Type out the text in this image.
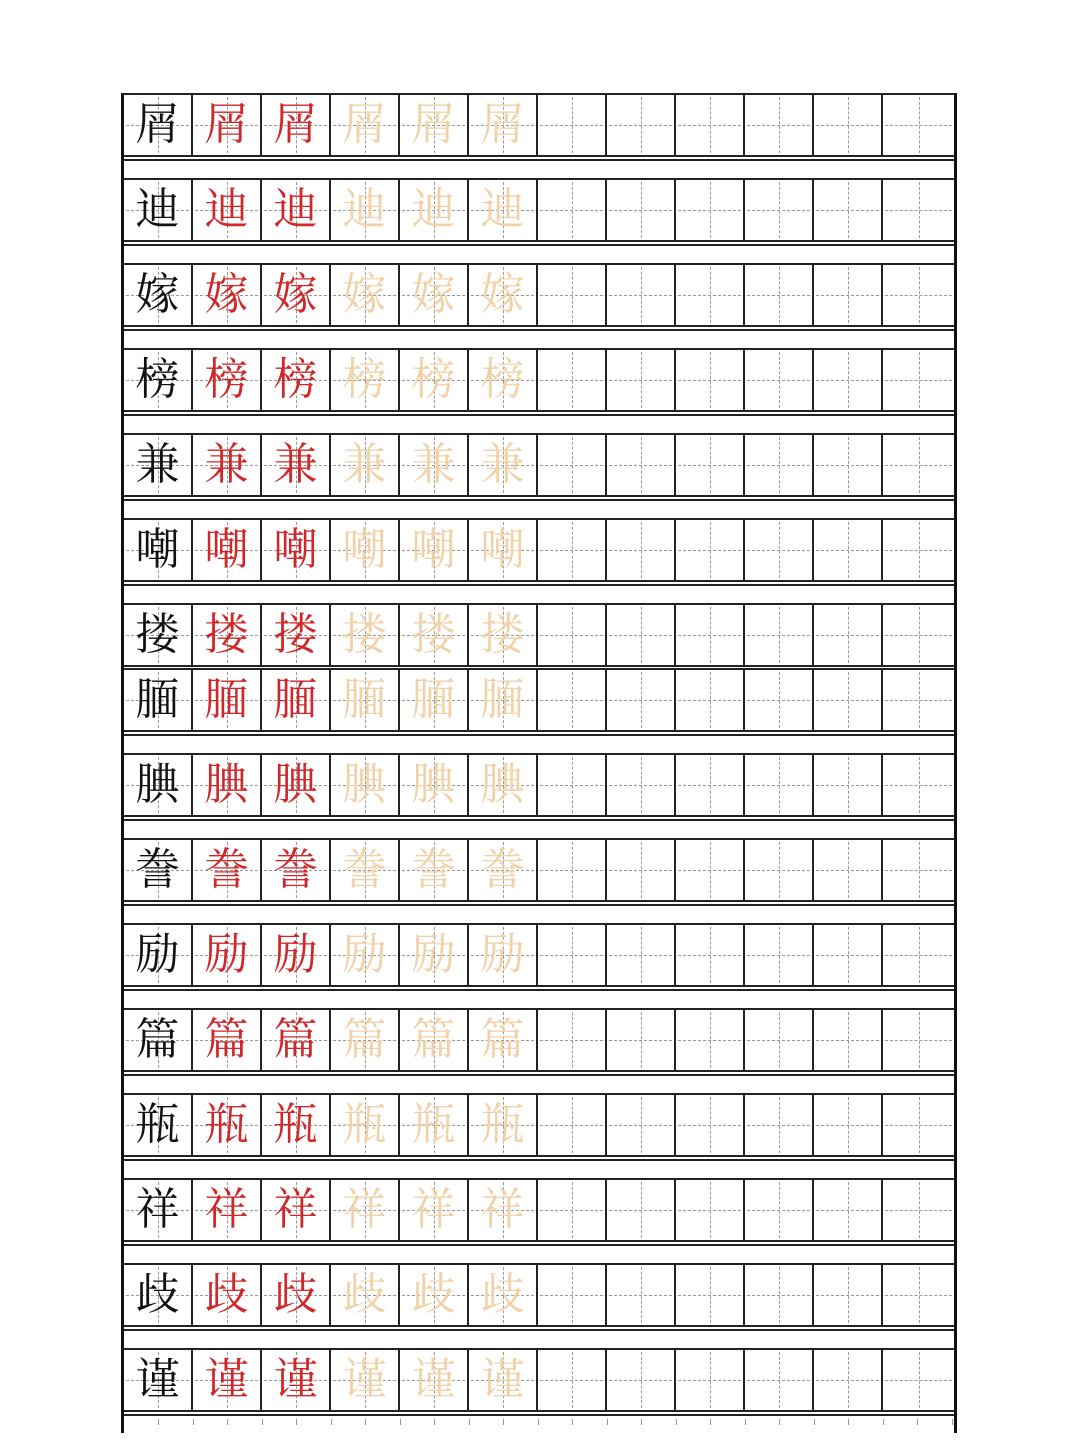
屑 屑 屑 屑 屑 屑
迪 迪 迪 迪 迪 迪
嫁 嫁 嫁 嫁 嫁 嫁
榜 榜 榜 榜 榜 榜
兼 兼 兼 兼 兼 兼
嘲 嘲 嘲 嘲 嘲 嘲
搂 搂 搂 搂 搂 搂
腼 腼 腼 腼 腼 腼
腆 腆 腆 腆 腆 腆
誊 誊 誊 誊 誊 誊
励 励 励 励 励 励
篇 篇 篇 篇 篇 篇
瓶 瓶 瓶 瓶 瓶 瓶
祥 祥 祥 祥 祥 祥
歧 歧 歧 歧 歧 歧
谨 谨 谨 谨 谨 谨
